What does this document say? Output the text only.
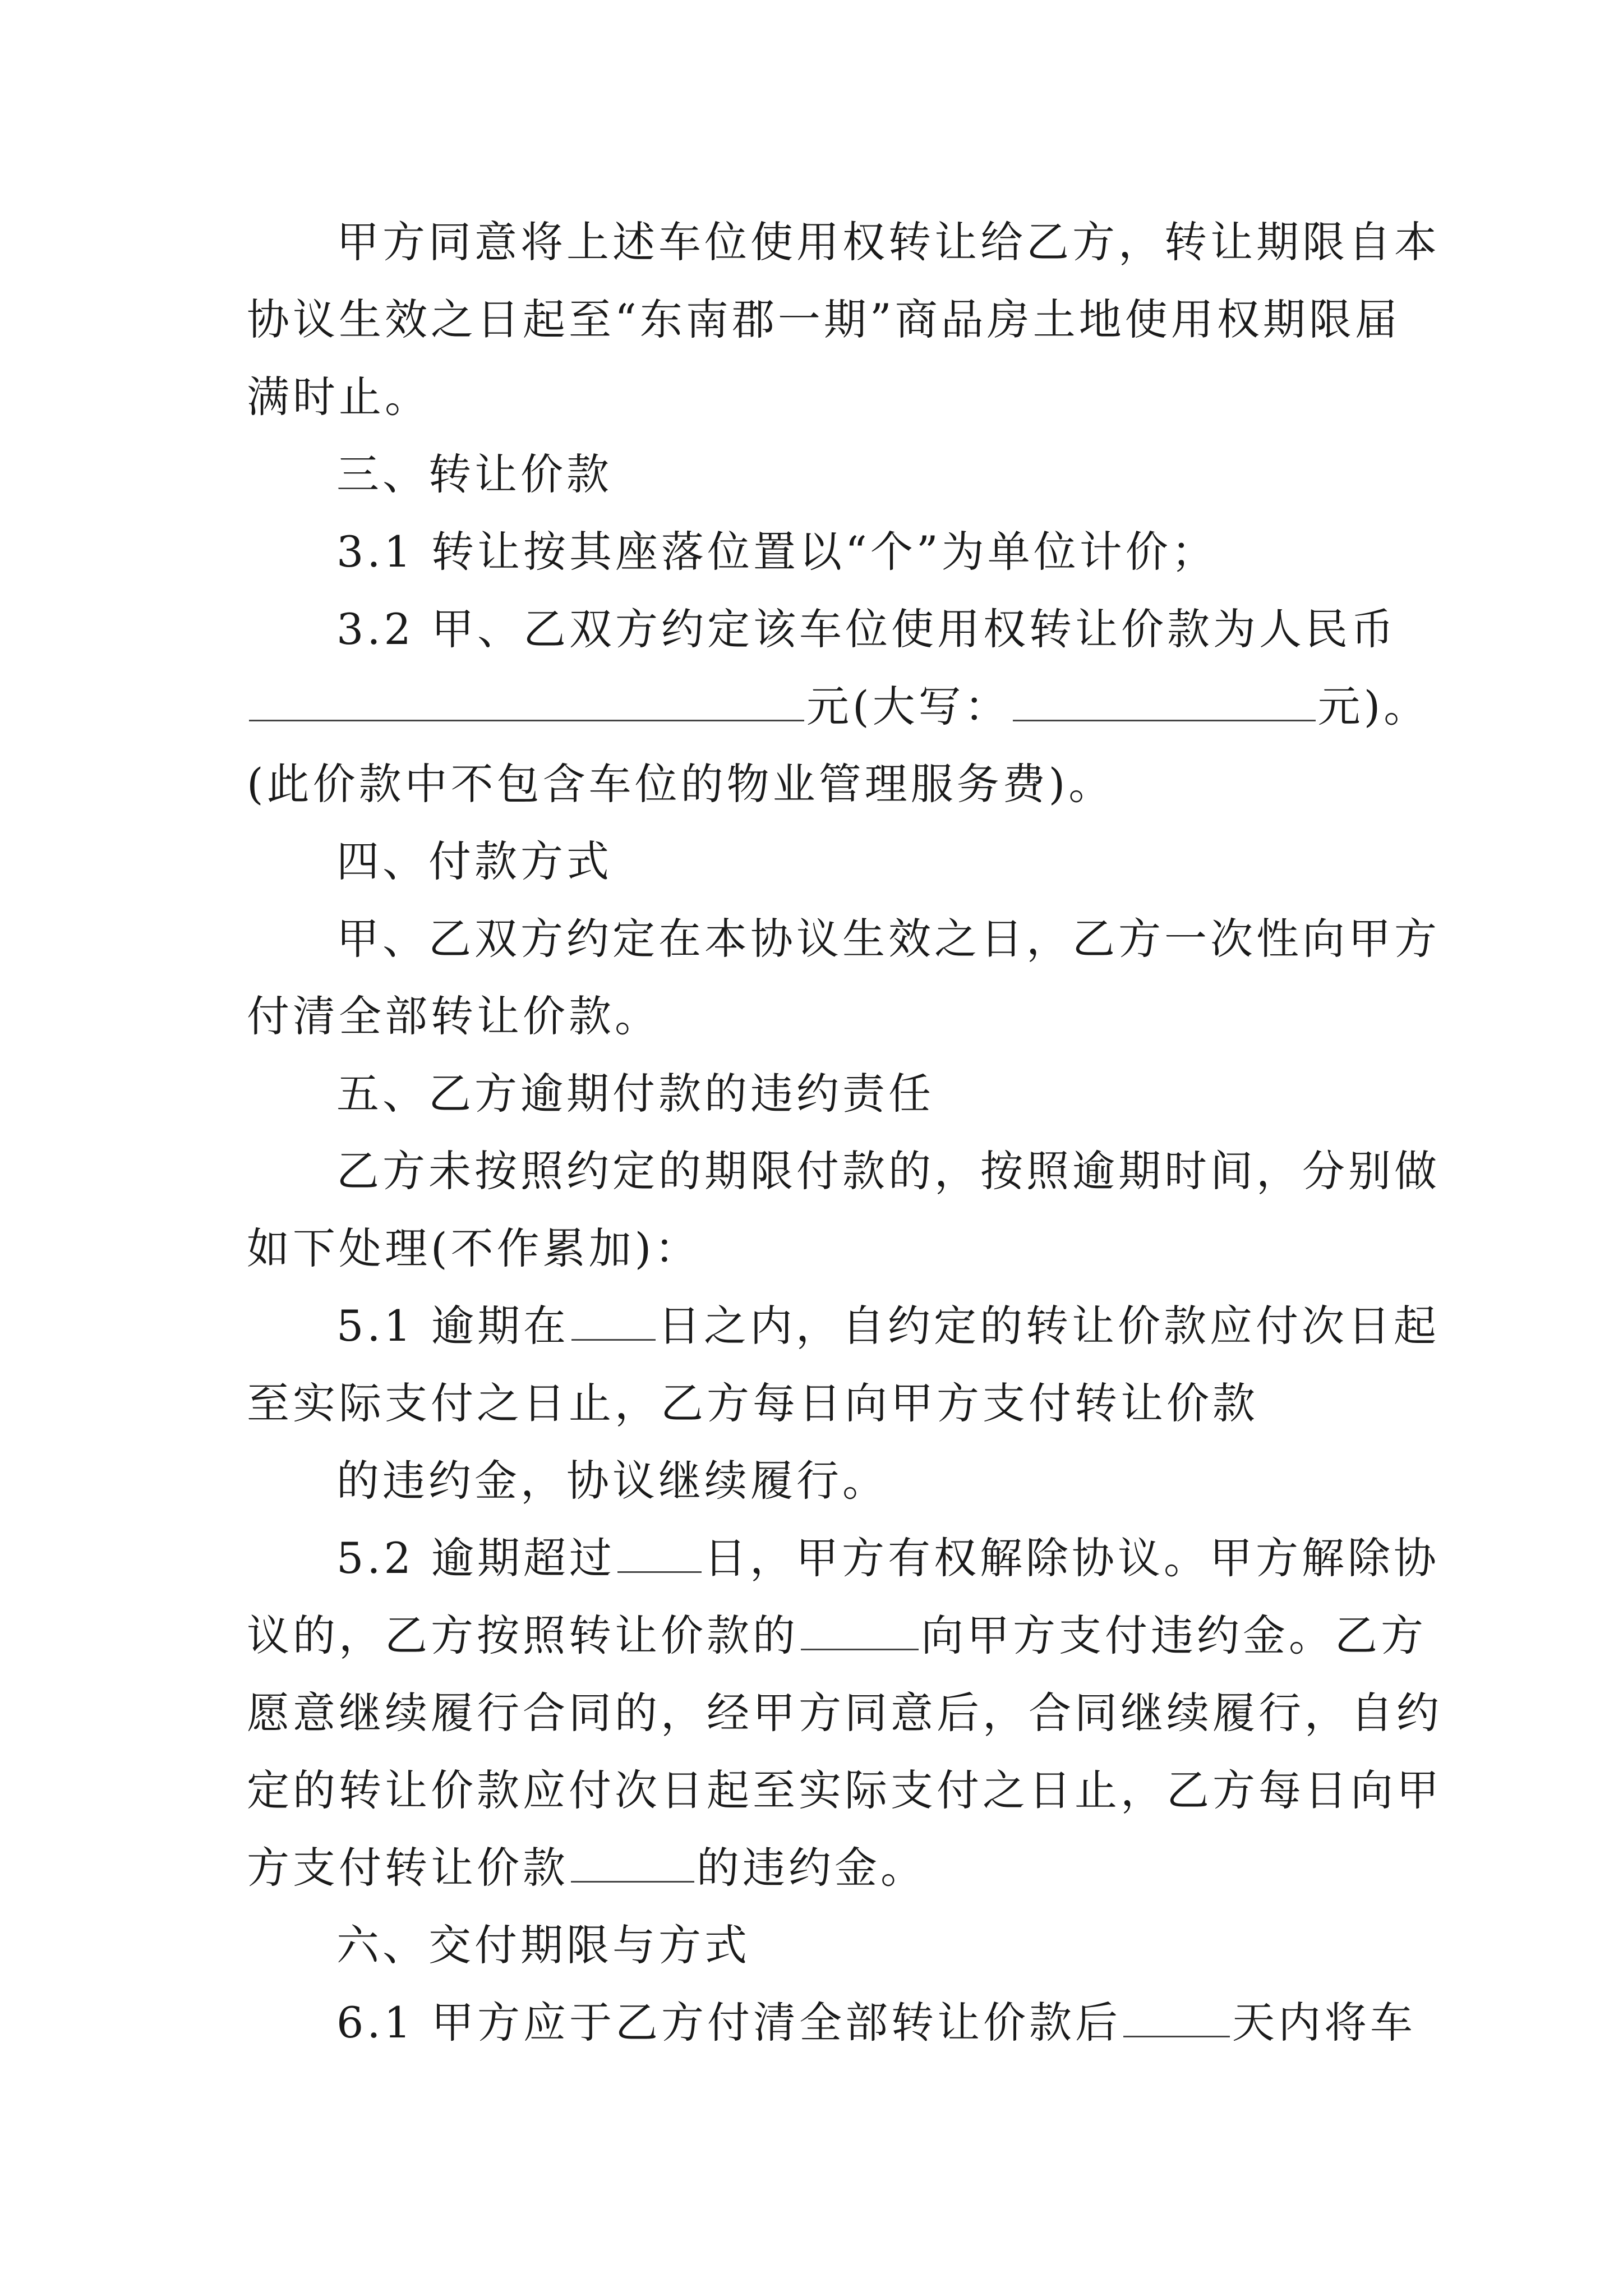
甲方同意将上述车位使用权转让给乙方，转让期限自本
协议生效之日起至“东南郡一期”商品房土地使用权期限届
满时止。
三、转让价款
3.1 转让按其座落位置以“个”为单位计价；
3.2 甲、乙双方约定该车位使用权转让价款为人民币
元(大写：	元)。
(此价款中不包含车位的物业管理服务费)。
四、付款方式
甲、乙双方约定在本协议生效之日，乙方一次性向甲方
付清全部转让价款。
五、乙方逾期付款的违约责任
乙方未按照约定的期限付款的，按照逾期时间，分别做
如下处理(不作累加)：
5.1 逾期在 日之内，自约定的转让价款应付次日起
至实际支付之日止，乙方每日向甲方支付转让价款
的违约金，协议继续履行。
5.2 逾期超过 日，甲方有权解除协议。甲方解除协
议的，乙方按照转让价款的	向甲方支付违约金。乙方
愿意继续履行合同的，经甲方同意后，合同继续履行，自约
定的转让价款应付次日起至实际支付之日止，乙方每日向甲
方支付转让价款	的违约金。
六、交付期限与方式
6.1 甲方应于乙方付清全部转让价款后	天内将车
